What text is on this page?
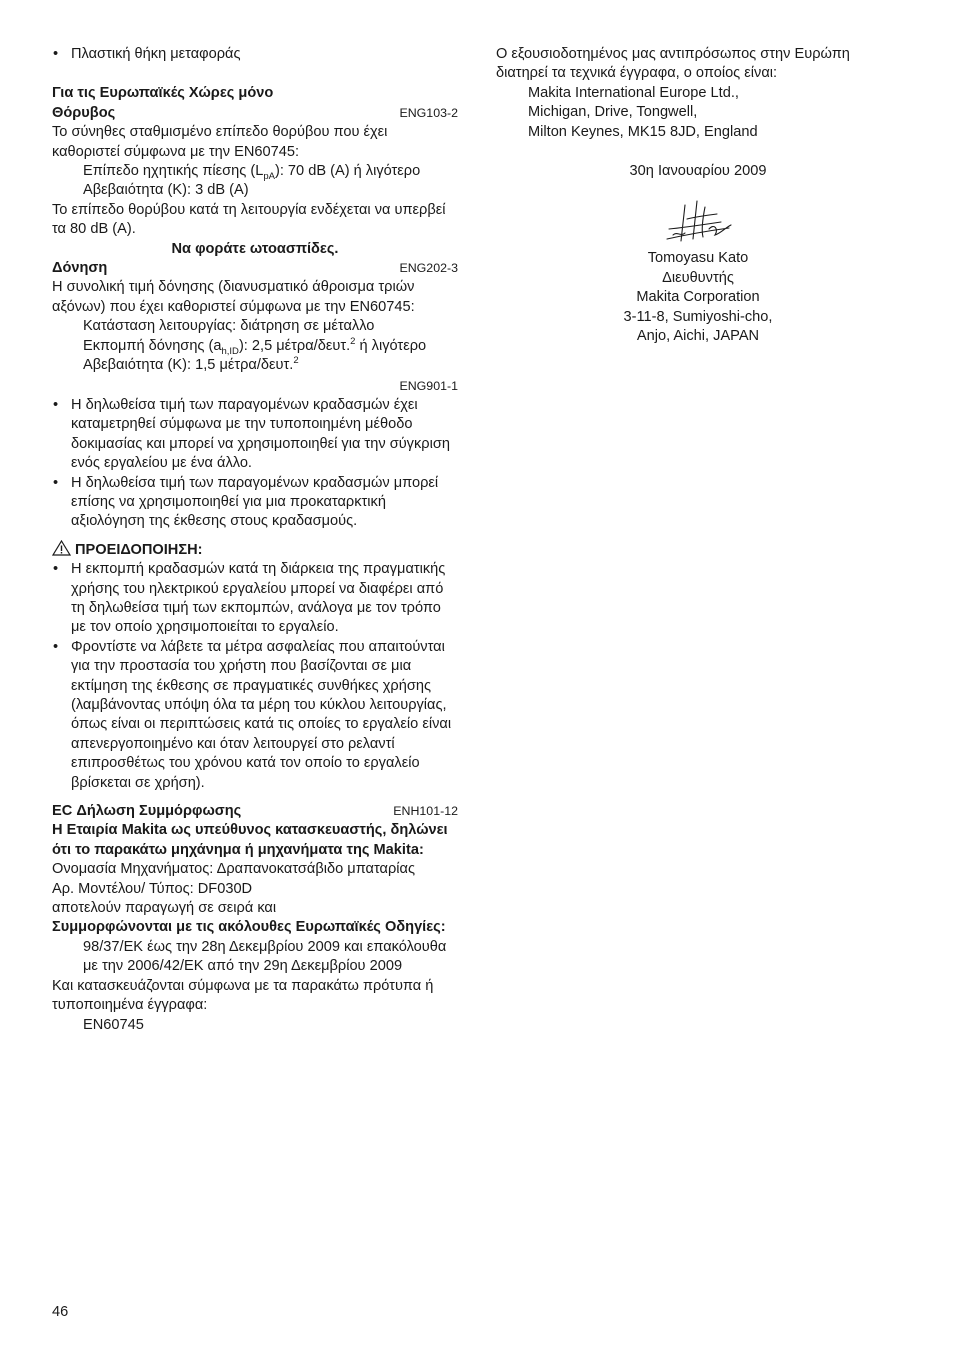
• Πλαστική θήκη μεταφοράς

Για τις Ευρωπαϊκές Χώρες μόνο

Θόρυβος	ENG103-2

Το σύνηθες σταθμισμένο επίπεδο θορύβου που έχει καθοριστεί σύμφωνα με την EN60745:

Επίπεδο ηχητικής πίεσης $(L_{pA})$: 70 dB (A) ή λιγότερο

Αβεβαιότητα (K): 3 dB (A)

Το επίπεδο θορύβου κατά τη λειτουργία ενδέχεται να υπερβεί τα 80 dB (A).

Να φοράτε ωτοασπίδες.

Δόνηση	ENG202-3

Η συνολική τιμή δόνησης (διανυσματικό άθροισμα τριών αξόνων) που έχει καθοριστεί σύμφωνα με την EN60745:

Κατάσταση λειτουργίας: διάτρηση σε μέταλλο

Εκπομπή δόνησης $(a_{h,ID})$: 2,5 μέτρα/δευτ.$^2$ ή λιγότερο

Αβεβαιότητα (K): 1,5 μέτρα/δευτ.$^2$

ENG901-1

• Η δηλωθείσα τιμή των παραγομένων κραδασμών έχει καταμετρηθεί σύμφωνα με την τυποποιημένη μέθοδο δοκιμασίας και μπορεί να χρησιμοποιηθεί για την σύγκριση ενός εργαλείου με ένα άλλο.

• Η δηλωθείσα τιμή των παραγομένων κραδασμών μπορεί επίσης να χρησιμοποιηθεί για μια προκαταρκτική αξιολόγηση της έκθεσης στους κραδασμούς.

ΠΡΟΕΙΔΟΠΟΙΗΣΗ:

• Η εκπομπή κραδασμών κατά τη διάρκεια της πραγματικής χρήσης του ηλεκτρικού εργαλείου μπορεί να διαφέρει από τη δηλωθείσα τιμή των εκπομπών, ανάλογα με τον τρόπο με τον οποίο χρησιμοποιείται το εργαλείο.

• Φροντίστε να λάβετε τα μέτρα ασφαλείας που απαιτούνται για την προστασία του χρήστη που βασίζονται σε μια εκτίμηση της έκθεσης σε πραγματικές συνθήκες χρήσης (λαμβάνοντας υπόψη όλα τα μέρη του κύκλου λειτουργίας, όπως είναι οι περιπτώσεις κατά τις οποίες το εργαλείο είναι απενεργοποιημένο και όταν λειτουργεί στο ρελαντί επιπροσθέτως του χρόνου κατά τον οποίο το εργαλείο βρίσκεται σε χρήση).

EC Δήλωση Συμμόρφωσης	ENH101-12

Η Εταιρία Makita ως υπεύθυνος κατασκευαστής, δηλώνει ότι το παρακάτω μηχάνημα ή μηχανήματα της Makita:

Ονομασία Μηχανήματος: Δραπανοκατσάβιδο μπαταρίας

Αρ. Μοντέλου/ Τύπος: DF030D

αποτελούν παραγωγή σε σειρά και

Συμμορφώνονται με τις ακόλουθες Ευρωπαϊκές Οδηγίες:

98/37/ΕΚ έως την 28η Δεκεμβρίου 2009 και επακόλουθα με την 2006/42/ΕΚ από την 29η Δεκεμβρίου 2009

Και κατασκευάζονται σύμφωνα με τα παρακάτω πρότυπα ή τυποποιημένα έγγραφα:

EN60745

Ο εξουσιοδοτημένος μας αντιπρόσωπος στην Ευρώπη διατηρεί τα τεχνικά έγγραφα, ο οποίος είναι:

Makita International Europe Ltd.,

Michigan, Drive, Tongwell,

Milton Keynes, MK15 8JD, England

30η Ιανουαρίου 2009

Tomoyasu Kato

Διευθυντής

Makita Corporation

3-11-8, Sumiyoshi-cho,

Anjo, Aichi, JAPAN

46
